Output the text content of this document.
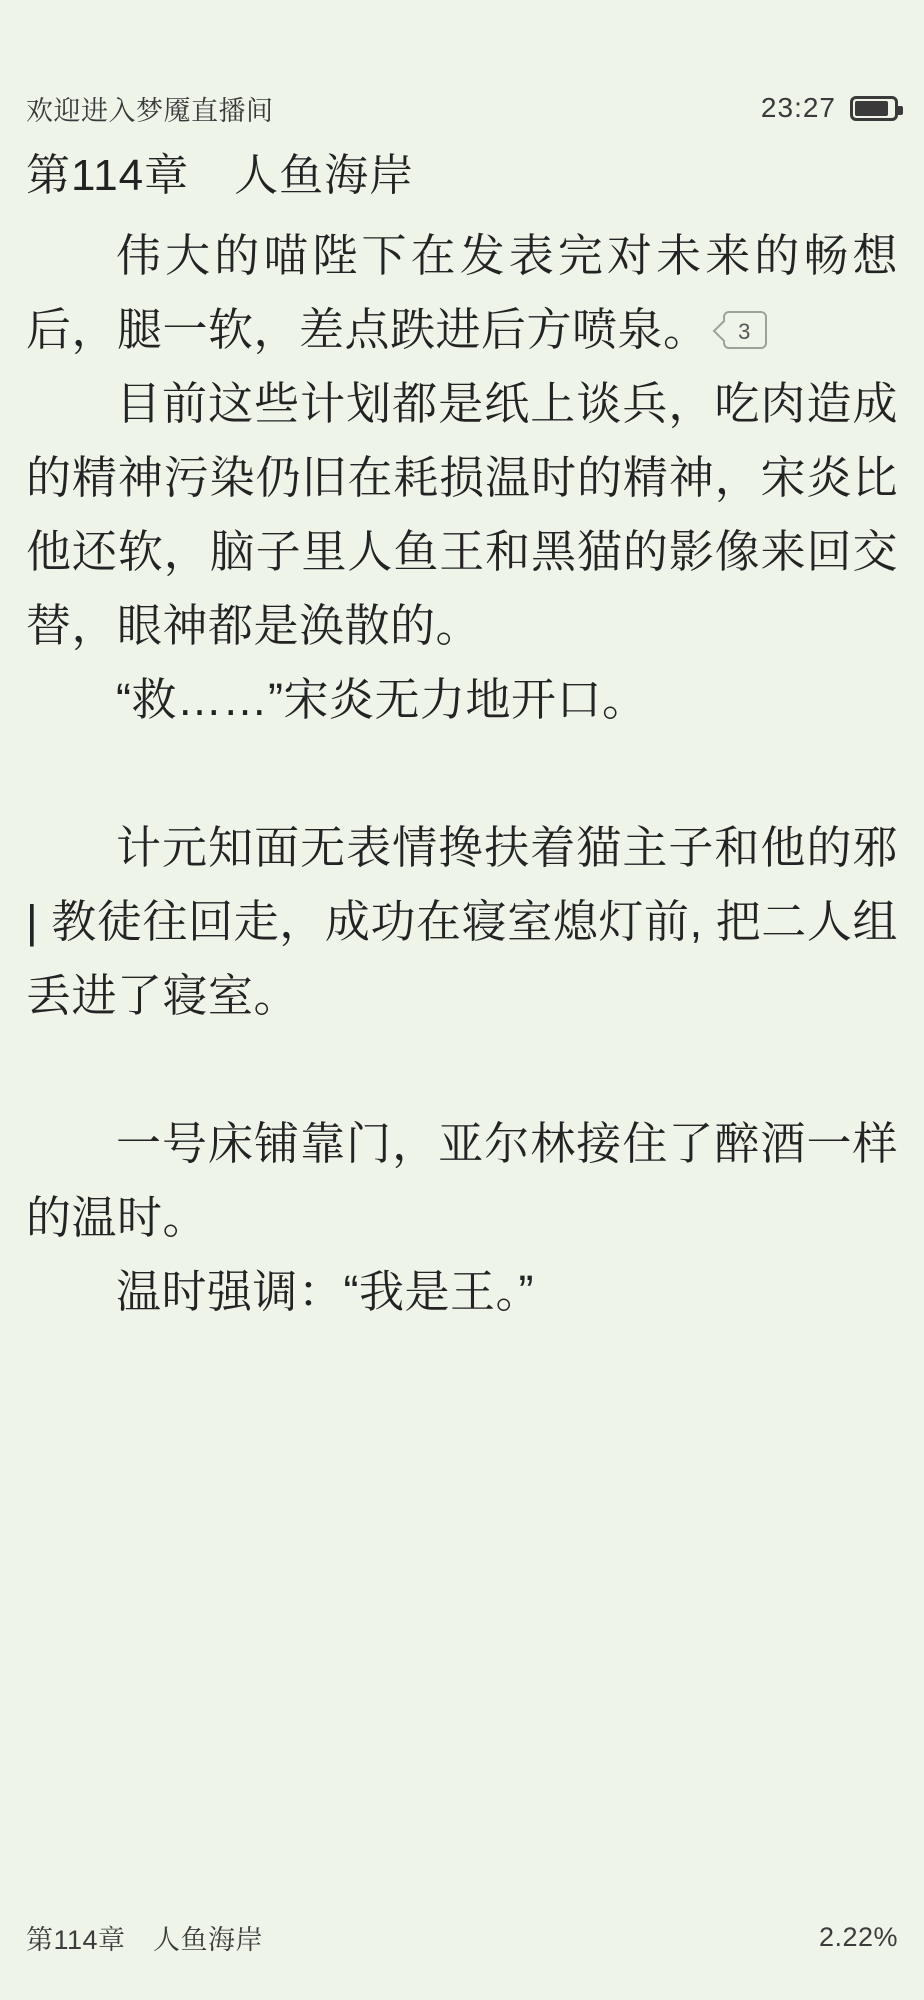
欢迎进入梦魇直播间	23:27
第114章　人鱼海岸

伟大的喵陛下在发表完对未来的畅想后，腿一软，差点跌进后方喷泉。 3

目前这些计划都是纸上谈兵，吃肉造成的精神污染仍旧在耗损温时的精神，宋炎比他还软，脑子里人鱼王和黑猫的影像来回交替，眼神都是涣散的。

“救……”宋炎无力地开口。

计元知面无表情搀扶着猫主子和他的邪 | 教徒往回走，成功在寝室熄灯前, 把二人组丢进了寝室。

一号床铺靠门，亚尔林接住了醉酒一样的温时。

温时强调：“我是王。”

第114章　人鱼海岸	2.22%
